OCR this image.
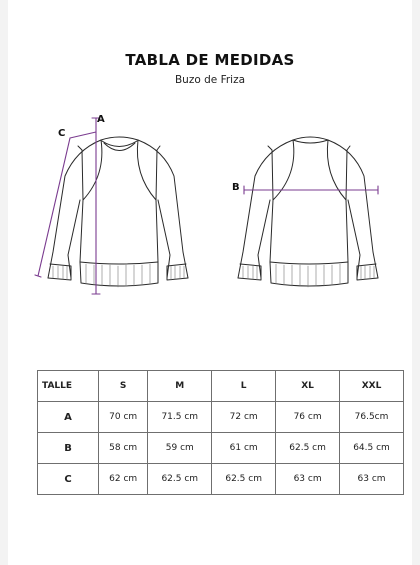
TABLA DE MEDIDAS
Buzo de Friza
A
C
B
TALLE	S	M	L	XL	XXL
A	70 cm	71.5 cm	72 cm	76 cm	76.5cm
B	58 cm	59 cm	61 cm	62.5 cm	64.5 cm
C	62 cm	62.5 cm	62.5 cm	63 cm	63 cm
